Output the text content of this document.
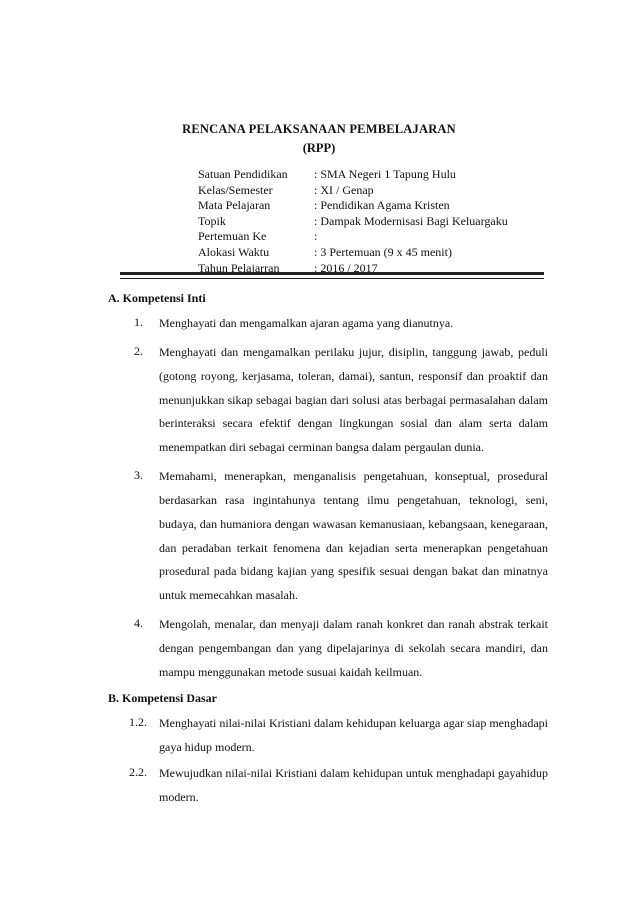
RENCANA PELAKSANAAN PEMBELAJARAN
(RPP)
Satuan Pendidikan : SMA Negeri 1 Tapung Hulu
Kelas/Semester	: XI / Genap
Mata Pelajaran	: Pendidikan Agama Kristen
Topik	: Dampak Modernisasi Bagi Keluargaku
Pertemuan Ke	:
Alokasi Waktu	: 3 Pertemuan (9 x 45 menit)
Tahun Pelajarran	: 2016 / 2017
A. Kompetensi Inti
1. Menghayati dan mengamalkan ajaran agama yang dianutnya.
2. Menghayati dan mengamalkan perilaku jujur, disiplin, tanggung jawab, peduli (gotong royong, kerjasama, toleran, damai), santun, responsif dan proaktif dan menunjukkan sikap sebagai bagian dari solusi atas berbagai permasalahan dalam berinteraksi secara efektif dengan lingkungan sosial dan alam serta dalam menempatkan diri sebagai cerminan bangsa dalam pergaulan dunia.
3. Memahami, menerapkan, menganalisis pengetahuan, konseptual, prosedural berdasarkan rasa ingintahunya tentang ilmu pengetahuan, teknologi, seni, budaya, dan humaniora dengan wawasan kemanusiaan, kebangsaan, kenegaraan, dan peradaban terkait fenomena dan kejadian serta menerapkan pengetahuan prosedural pada bidang kajian yang spesifik sesuai dengan bakat dan minatnya untuk memecahkan masalah.
4. Mengolah, menalar, dan menyaji dalam ranah konkret dan ranah abstrak terkait dengan pengembangan dan yang dipelajarinya di sekolah secara mandiri, dan mampu menggunakan metode susuai kaidah keilmuan.
B. Kompetensi Dasar
1.2. Menghayati nilai-nilai Kristiani dalam kehidupan keluarga agar siap menghadapi gaya hidup modern.
2.2. Mewujudkan nilai-nilai Kristiani dalam kehidupan untuk menghadapi gayahidup modern.
